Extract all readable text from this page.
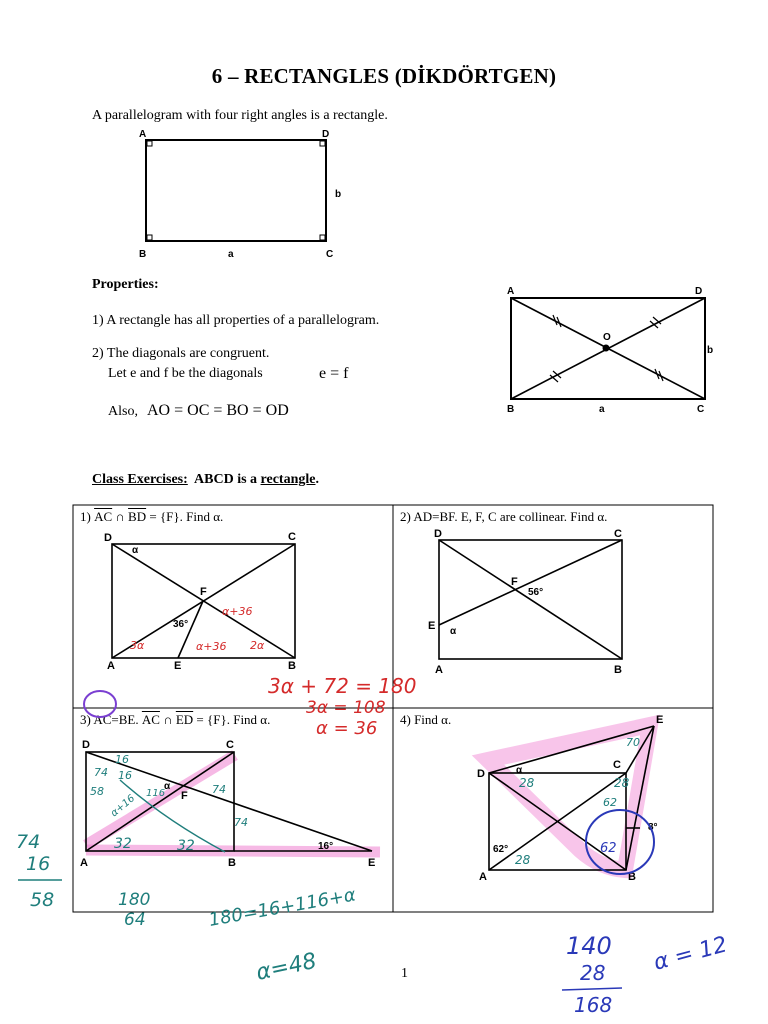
6 – RECTANGLES (DİKDÖRTGEN)
A parallelogram with four right angles is a rectangle.
A	D
B	C
a
b
Properties:
1) A rectangle has all properties of a parallelogram.
2) The diagonals are congruent.
Let e and f be the diagonals	e = f
Also, AO = OC = BO = OD
A	D
B	C
O
a
b
Class Exercises: ABCD is a rectangle.
1) $\overline{AC}$ ∩ $\overline{BD} = \{F\}$. Find α.	2) AD=BF. E, F, C are collinear. Find α.
3) AC=BE. $\overline{AC}$ ∩ $\overline{ED} = \{F\}$. Find α.	4) Find α.
D	C
F
A	E	B
α
36°
D	C
F
E
A	B
α
56°
D	C
F
A	B	E
α
16°
D
C
A	B
E
α
62°
8°
3α + 72 = 180
3α = 108
α = 36
α+36
α+36
3α	2α
74
16
58	180
64	180=16+116+α
α=48
16
74 16
58
α+16 116	74
74
32	32
28	28
28
62
70
62
140
28
168
α = 12
1
